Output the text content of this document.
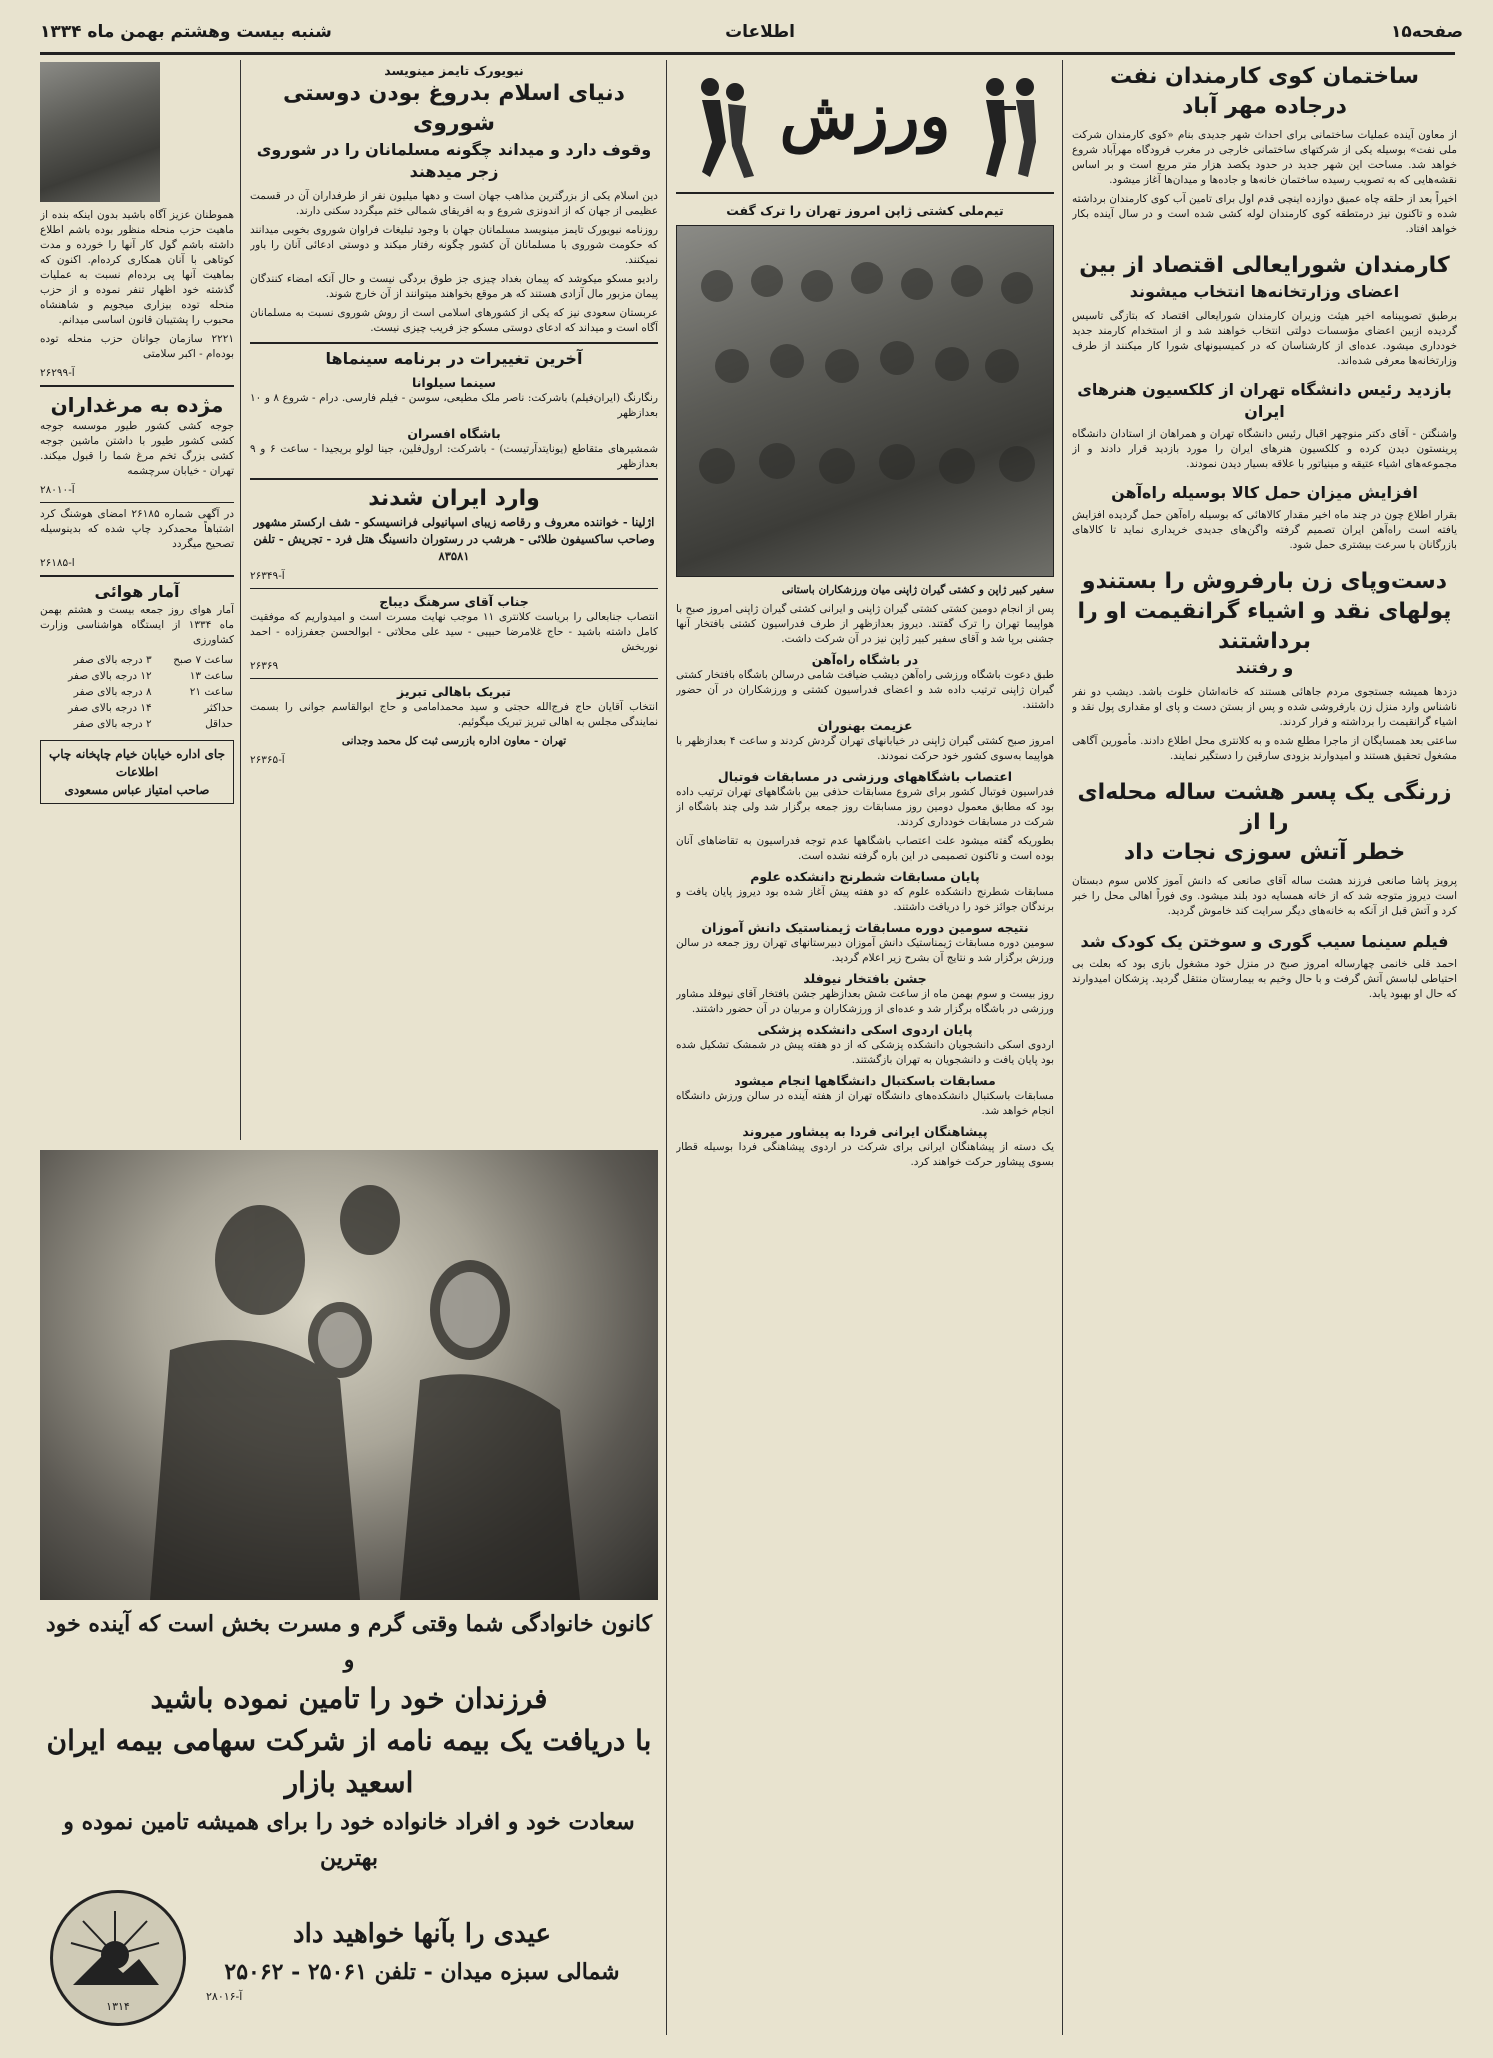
صفحه۱۵
اطلاعات
شنبه بیست وهشتم بهمن ماه ۱۳۳۴
ساختمان کوی کارمندان نفت درجاده مهر آباد

از معاون آینده عملیات ساختمانی برای احداث شهر جدیدی بنام «کوی کارمندان شرکت ملی نفت» بوسیله یکی از شرکتهای ساختمانی خارجی در مغرب فرودگاه مهرآباد شروع خواهد شد. مساحت این شهر جدید در حدود یکصد هزار متر مربع است و بر اساس نقشه‌هایی که به تصویب رسیده ساختمان خانه‌ها و جاده‌ها و میدان‌ها آغاز میشود.

اخیراً بعد از حلقه چاه عمیق دوازده اینچی قدم اول برای تامین آب کوی کارمندان برداشته شده و تاکنون نیز درمتطقه کوی کارمندان لوله کشی شده است و در سال آینده بکار خواهد افتاد.

کارمندان شورایعالی اقتصاد از بین
اعضای وزارتخانه‌ها انتخاب میشوند

برطبق تصویبنامه اخیر هیئت وزیران کارمندان شورایعالی اقتصاد که بتازگی تاسیس گردیده ازبین اعضای مؤسسات دولتی انتخاب خواهند شد و از استخدام کارمند جدید خودداری میشود. عده‌ای از کارشناسان که در کمیسیونهای شورا کار میکنند از طرف وزارتخانه‌ها معرفی شده‌اند.

بازدید رئیس دانشگاه تهران از کلکسیون هنرهای ایران

واشنگتن - آقای دکتر منوچهر اقبال رئیس دانشگاه تهران و همراهان از استادان دانشگاه پرینستون دیدن کرده و کلکسیون هنرهای ایران را مورد بازدید قرار دادند و از مجموعه‌های اشیاء عتیقه و مینیاتور با علاقه بسیار دیدن نمودند.

افزایش میزان حمل کالا بوسیله راه‌آهن

بقرار اطلاع چون در چند ماه اخیر مقدار کالاهائی که بوسیله راه‌آهن حمل گردیده افزایش یافته است راه‌آهن ایران تصمیم گرفته واگن‌های جدیدی خریداری نماید تا کالاهای بازرگانان با سرعت بیشتری حمل شود.

دست‌وپای زن بارفروش را بستندو
پولهای نقد و اشیاء گرانقیمت او را برداشتند
و رفتند

دزدها همیشه جستجوی مردم جاهائی هستند که خانه‌اشان خلوت باشد. دیشب دو نفر ناشناس وارد منزل زن بارفروشی شده و پس از بستن دست و پای او مقداری پول نقد و اشیاء گرانقیمت را برداشته و فرار کردند.

ساعتی بعد همسایگان از ماجرا مطلع شده و به کلانتری محل اطلاع دادند. مأمورین آگاهی مشغول تحقیق هستند و امیدوارند بزودی سارقین را دستگیر نمایند.

زرنگی یک پسر هشت ساله محله‌ای را از
خطر آتش سوزی نجات داد

پرویز پاشا صانعی فرزند هشت ساله آقای صانعی که دانش آموز کلاس سوم دبستان است دیروز متوجه شد که از خانه همسایه دود بلند میشود. وی فوراً اهالی محل را خبر کرد و آتش قبل از آنکه به خانه‌های دیگر سرایت کند خاموش گردید.

فیلم سینما سیب گوری و سوختن یک کودک شد

احمد قلی خانمی چهارساله امروز صبح در منزل خود مشغول بازی بود که بعلت بی احتیاطی لباسش آتش گرفت و با حال وخیم به بیمارستان منتقل گردید. پزشکان امیدوارند که حال او بهبود یابد.

ورزش
تیم‌ملی کشتی ژاپن امروز تهران را ترک گفت

سفیر کبیر ژاپن و کشتی گیران ژاپنی میان ورزشکاران باستانی

پس از انجام دومین کشتی کشتی گیران ژاپنی و ایرانی کشتی گیران ژاپنی امروز صبح با هواپیما تهران را ترک گفتند. دیروز بعدازظهر از طرف فدراسیون کشتی بافتخار آنها جشنی برپا شد و آقای سفیر کبیر ژاپن نیز در آن شرکت داشت.

در باشگاه راه‌آهن

طبق دعوت باشگاه ورزشی راه‌آهن دیشب ضیافت شامی درسالن باشگاه بافتخار کشتی گیران ژاپنی ترتیب داده شد و اعضای فدراسیون کشتی و ورزشکاران در آن حضور داشتند.

عزیمت بهنوران

امروز صبح کشتی گیران ژاپنی در خیابانهای تهران گردش کردند و ساعت ۴ بعدازظهر با هواپیما به‌سوی کشور خود حرکت نمودند.

اعتصاب باشگاههای ورزشی در مسابقات فوتبال

فدراسیون فوتبال کشور برای شروع مسابقات حذفی بین باشگاههای تهران ترتیب داده بود که مطابق معمول دومین روز مسابقات روز جمعه برگزار شد ولی چند باشگاه از شرکت در مسابقات خودداری کردند.

بطوریکه گفته میشود علت اعتصاب باشگاهها عدم توجه فدراسیون به تقاضاهای آنان بوده است و تاکنون تصمیمی در این باره گرفته نشده است.

پایان مسابقات شطرنج دانشکده علوم

مسابقات شطرنج دانشکده علوم که دو هفته پیش آغاز شده بود دیروز پایان یافت و برندگان جوائز خود را دریافت داشتند.

نتیجه سومین دوره مسابقات ژیمناستیک دانش آموزان

سومین دوره مسابقات ژیمناستیک دانش آموزان دبیرستانهای تهران روز جمعه در سالن ورزش برگزار شد و نتایج آن بشرح زیر اعلام گردید.

جشن بافتخار نیوفلد

روز بیست و سوم بهمن ماه از ساعت شش بعدازظهر جشن بافتخار آقای نیوفلد مشاور ورزشی در باشگاه برگزار شد و عده‌ای از ورزشکاران و مربیان در آن حضور داشتند.

پایان اردوی اسکی دانشکده پزشکی

اردوی اسکی دانشجویان دانشکده پزشکی که از دو هفته پیش در شمشک تشکیل شده بود پایان یافت و دانشجویان به تهران بازگشتند.

مسابقات باسکتبال دانشگاهها انجام میشود

مسابقات باسکتبال دانشکده‌های دانشگاه تهران از هفته آینده در سالن ورزش دانشگاه انجام خواهد شد.

پیشاهنگان ایرانی فردا به پیشاور میروند

یک دسته از پیشاهنگان ایرانی برای شرکت در اردوی پیشاهنگی فردا بوسیله قطار بسوی پیشاور حرکت خواهند کرد.

نیویورک تایمز مینویسد
دنیای اسلام بدروغ بودن دوستی شوروی
وقوف دارد و میداند چگونه مسلمانان را در شوروی
زجر میدهند

دین اسلام یکی از بزرگترین مذاهب جهان است و دهها میلیون نفر از طرفداران آن در قسمت عظیمی از جهان که از اندونزی شروع و به افریقای شمالی ختم میگردد سکنی دارند.

روزنامه نیویورک تایمز مینویسد مسلمانان جهان با وجود تبلیغات فراوان شوروی بخوبی میدانند که حکومت شوروی با مسلمانان آن کشور چگونه رفتار میکند و دوستی ادعائی آنان را باور نمیکنند.

رادیو مسکو میکوشد که پیمان بغداد چیزی جز طوق بردگی نیست و حال آنکه امضاء کنندگان پیمان مزبور مال آزادی هستند که هر موقع بخواهند میتوانند از آن خارج شوند.

عربستان سعودی نیز که یکی از کشورهای اسلامی است از روش شوروی نسبت به مسلمانان آگاه است و میداند که ادعای دوستی مسکو جز فریب چیزی نیست.

آخرین تغییرات در برنامه سینماها
سینما سیلوانا

رنگارنگ (ایران‌فیلم) باشرکت: ناصر ملک مطیعی، سوسن - فیلم فارسی. درام - شروع ۸ و ۱۰ بعدازظهر

باشگاه افسران

شمشیرهای متقاطع (یونایتدآرتیست) - باشرکت: ارول‌فلین، جینا لولو بریجیدا - ساعت ۶ و ۹ بعدازظهر

وارد ایران شدند

اژلینا - خواننده معروف و رقاصه زیبای اسپانیولی فرانسیسکو - شف ارکستر مشهور وصاحب ساکسیفون طلائی - هرشب در رستوران دانسینگ هتل فرد - تجریش - تلفن ۸۳۵۸۱

آ-۲۶۳۴۹
جناب آقای سرهنگ دیباج

انتصاب جنابعالی را بریاست کلانتری ۱۱ موجب نهایت مسرت است و امیدواریم که موفقیت کامل داشته باشید - حاج غلامرضا حبیبی - سید علی محلاتی - ابوالحسن جعفرزاده - احمد نوربخش

۲۶۳۶۹

تبریک باهالی تبریز

انتخاب آقایان حاج فرج‌الله حجتی و سید محمدامامی و حاج ابوالقاسم جوانی را بسمت نمایندگی مجلس به اهالی تبریز تبریک میگوئیم.

تهران - معاون اداره بازرسی ثبت کل محمد وجدانی

آ-۲۶۳۶۵

هموطنان عزیز آگاه باشید بدون اینکه بنده از ماهیت حزب منحله منظور بوده باشم اطلاع داشته باشم گول کار آنها را خورده و مدت کوتاهی با آنان همکاری کرده‌ام. اکنون که بماهیت آنها پی برده‌ام نسبت به عملیات گذشته خود اظهار تنفر نموده و از حزب منحله توده بیزاری میجویم و شاهنشاه محبوب را پشتیبان قانون اساسی میدانم.

۲۲۲۱ سازمان جوانان حزب منحله توده بوده‌ام - اکبر سلامتی

آ-۲۶۲۹۹

مژده به مرغداران

جوجه کشی کشور طیور موسسه جوجه کشی کشور طیور با داشتن ماشین جوجه کشی بزرگ تخم مرغ شما را قبول میکند. تهران - خیابان سرچشمه

آ-۲۸۰۱۰

در آگهی شماره ۲۶۱۸۵ امضای هوشنگ کرد اشتباهاً محمدکرد چاپ شده که بدینوسیله تصحیح میگردد

ا-۲۶۱۸۵

آمار هوائی

آمار هوای روز جمعه بیست و هشتم بهمن ماه ۱۳۳۴ از ایستگاه هواشناسی وزارت کشاورزی

ساعت ۷ صبح	۳ درجه بالای صفر
ساعت ۱۳	۱۲ درجه بالای صفر
ساعت ۲۱	۸ درجه بالای صفر
حداکثر	۱۴ درجه بالای صفر
حداقل	۲ درجه بالای صفر
جای اداره خیابان خیام چاپخانه چاپ اطلاعات
صاحب امتیاز عباس مسعودی
کانون خانوادگی شما وقتی گرم و مسرت بخش است که آینده خود و
فرزندان خود را تامین نموده باشید
با دریافت یک بیمه نامه از شرکت سهامی بیمه ایران اسعید بازار
سعادت خود و افراد خانواده خود را برای همیشه تامین نموده و بهترین
عیدی را بآنها خواهید داد
شمالی سبزه میدان - تلفن ۲۵۰۶۱ - ۲۵۰۶۲
آ-۲۸۰۱۶
۱۳۱۴
